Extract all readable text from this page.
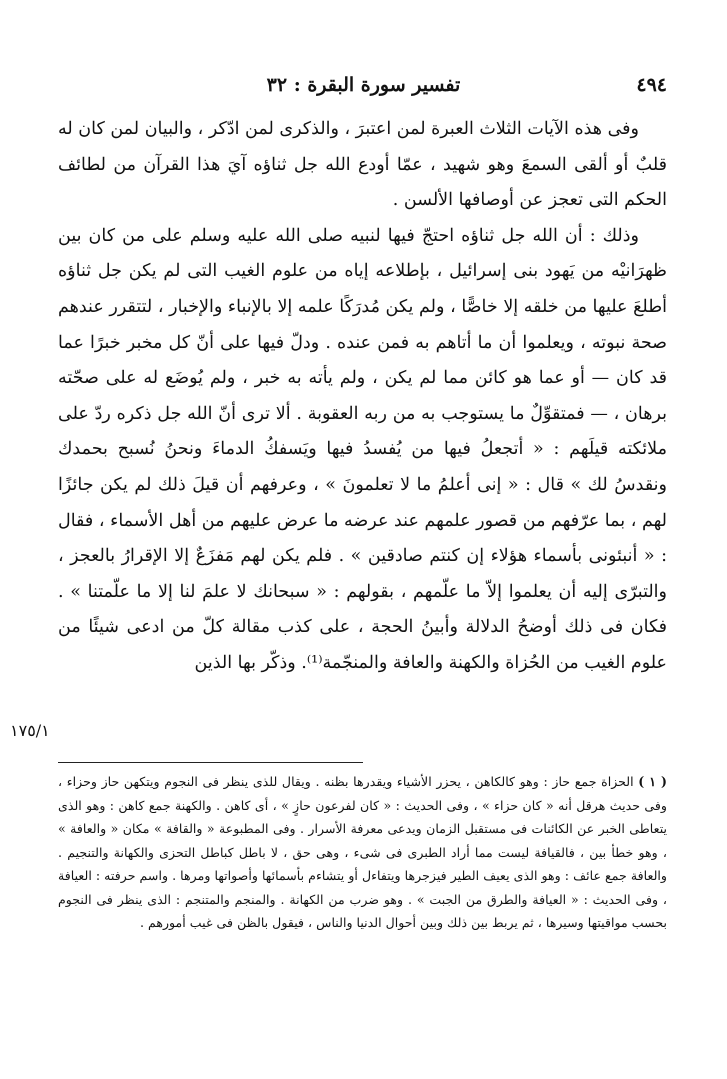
٤٩٤
تفسير سورة البقرة : ٣٢

وفى هذه الآيات الثلاث العبرة لمن اعتبرَ ، والذكرى لمن ادّكر ، والبيان لمن كان له قلبٌ أو ألقى السمعَ وهو شهيد ، عمّا أودع الله جل ثناؤه آيَ هذا القرآن من لطائف الحكم التى تعجز عن أوصافها الألسن .

وذلك : أن الله جل ثناؤه احتجّ فيها لنبيه صلى الله عليه وسلم على من كان بين ظهرَانيْه من يَهود بنى إسرائيل ، بإطلاعه إياه من علوم الغيب التى لم يكن جل ثناؤه أطلعَ عليها من خلقه إلا خاصًّا ، ولم يكن مُدرَكًا علمه إلا بالإنباء والإخبار ، لتتقرر عندهم صحة نبوته ، ويعلموا أن ما أتاهم به فمن عنده . ودلّ فيها على أنّ كل مخبر خبرًا عما قد كان — أو عما هو كائن مما لم يكن ، ولم يأته به خبر ، ولم يُوضَع له على صحّته برهان ، — فمتقوِّلٌ ما يستوجب به من ربه العقوبة . ألا ترى أنّ الله جل ذكره ردّ على ملائكته قيلَهم : « أتجعلُ فيها من يُفسدُ فيها ويَسفكُ الدماءَ ونحنُ نُسبح بحمدك ونقدسُ لك » قال : « إنى أعلمُ ما لا تعلمونَ » ، وعرفهم أن قيلَ ذلك لم يكن جائزًا لهم ، بما عرّفهم من قصور علمهم عند عرضه ما عرض عليهم من أهل الأسماء ، فقال : « أنبئونى بأسماء هؤلاء إن كنتم صادقين » . فلم يكن لهم مَفزَعٌ إلا الإقرارُ بالعجز ، والتبرّى إليه أن يعلموا إلاّ ما علّمهم ، بقولهم : « سبحانك لا علمَ لنا إلا ما علّمتنا » . فكان فى ذلك أوضحُ الدلالة وأبينُ الحجة ، على كذب مقالة كلّ من ادعى شيئًا من علوم الغيب من الحُزاة والكهنة والعافة والمنجّمة⁽¹⁾. وذكّر بها الذين

١٧٥/١
( ١ ) الحزاة جمع حاز : وهو كالكاهن ، يحزر الأشياء ويقدرها بظنه . ويقال للذى ينظر فى النجوم ويتكهن حاز وحزاء ، وفى حديث هرقل أنه « كان حزاء » ، وفى الحديث : « كان لفرعون حازٍ » ، أى كاهن . والكهنة جمع كاهن : وهو الذى يتعاطى الخبر عن الكائنات فى مستقبل الزمان ويدعى معرفة الأسرار . وفى المطبوعة « والقافة » مكان « والعافة » ، وهو خطأ بين ، فالقيافة ليست مما أراد الطبرى فى شىء ، وهى حق ، لا باطل كباطل التحزى والكهانة والتنجيم . والعافة جمع عائف : وهو الذى يعيف الطير فيزجرها ويتفاءل أو يتشاءم بأسمائها وأصواتها ومرها . واسم حرفته : العيافة ، وفى الحديث : « العيافة والطرق من الجبت » . وهو ضرب من الكهانة . والمنجم والمتنجم : الذى ينظر فى النجوم بحسب مواقيتها وسيرها ، ثم يربط بين ذلك وبين أحوال الدنيا والناس ، فيقول بالظن فى غيب أمورهم .
